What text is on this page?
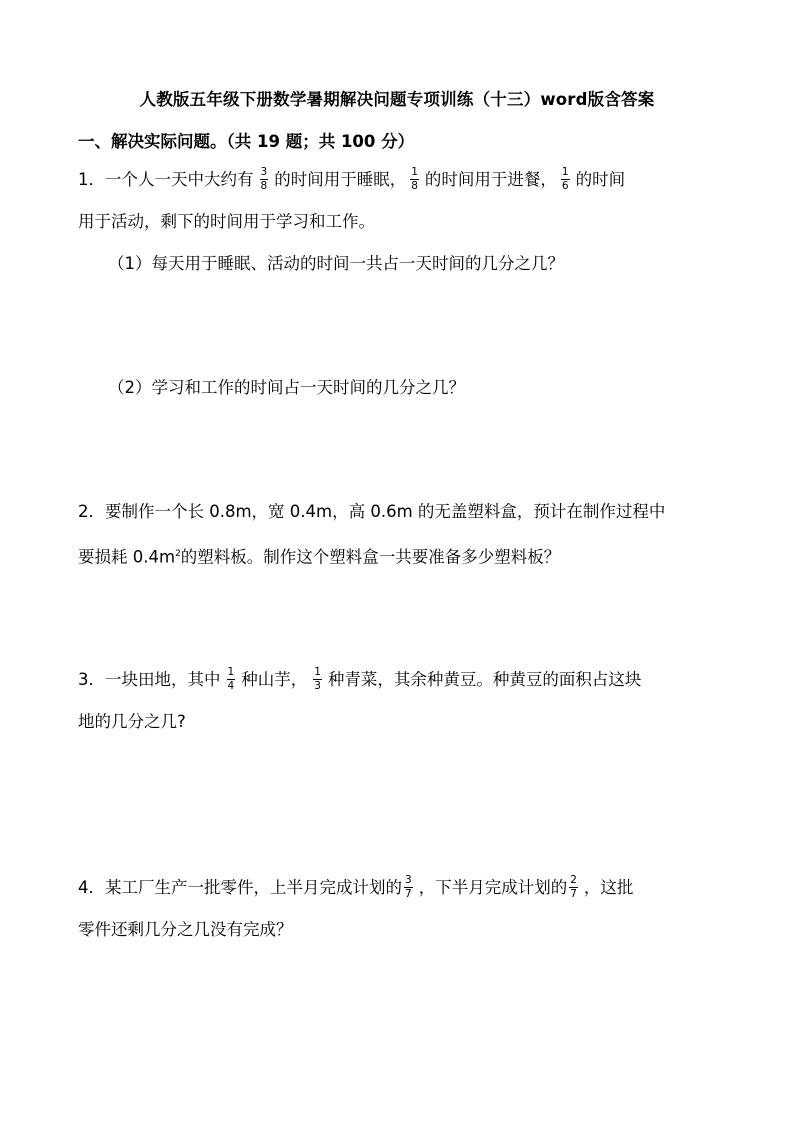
人教版五年级下册数学暑期解决问题专项训练（十三）word版含答案
一、解决实际问题。（共 19 题；共 100 分）
1．一个人一天中大约有 $\frac{3}{8}$ 的时间用于睡眠， $\frac{1}{8}$ 的时间用于进餐， $\frac{1}{6}$ 的时间
用于活动，剩下的时间用于学习和工作。
（1）每天用于睡眠、活动的时间一共占一天时间的几分之几？
（2）学习和工作的时间占一天时间的几分之几？
2．要制作一个长 0.8m，宽 0.4m，高 0.6m 的无盖塑料盒，预计在制作过程中
要损耗 $0.4m^2$的塑料板。制作这个塑料盒一共要准备多少塑料板？
3．一块田地，其中 $\frac{1}{4}$ 种山芋， $\frac{1}{3}$ 种青菜，其余种黄豆。种黄豆的面积占这块
地的几分之几?
4．某工厂生产一批零件，上半月完成计划的 $\frac{3}{7}$ ，下半月完成计划的 $\frac{2}{7}$ ，这批
零件还剩几分之几没有完成？
